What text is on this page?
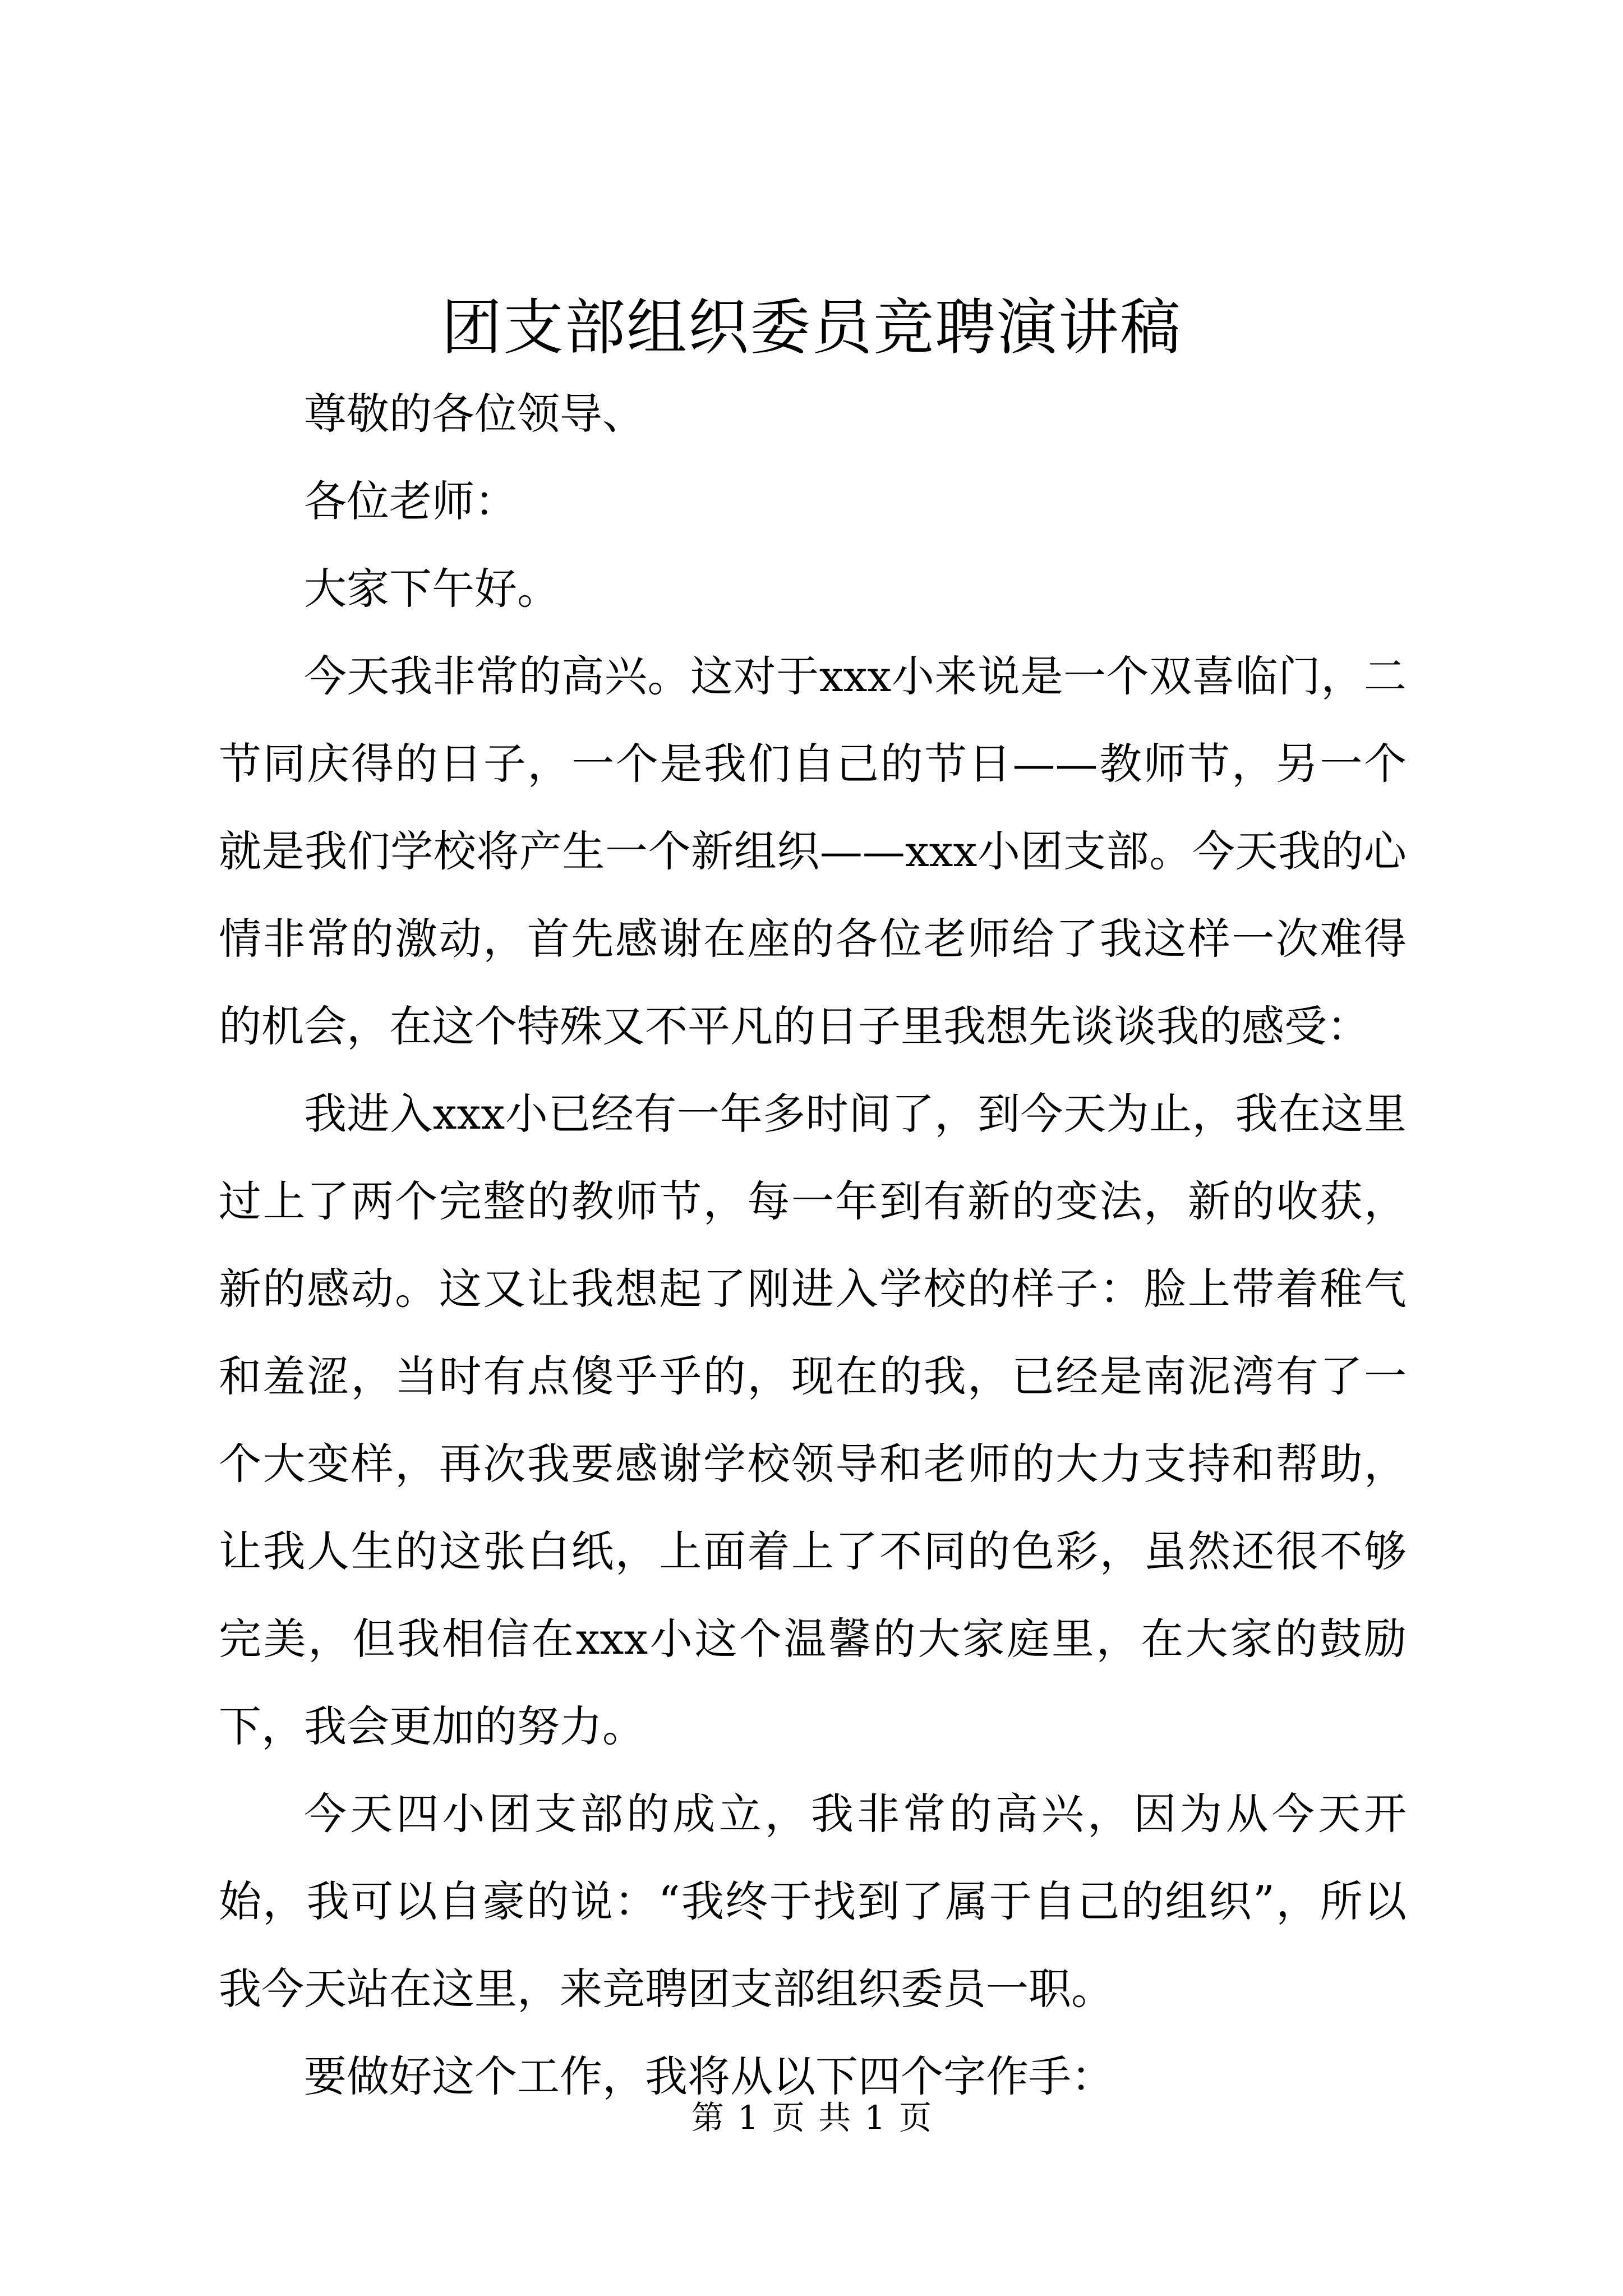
团支部组织委员竞聘演讲稿

尊敬的各位领导、

各位老师：

大家下午好。

今天我非常的高兴。这对于xxx小来说是一个双喜临门，二节同庆得的日子，一个是我们自己的节日——教师节，另一个就是我们学校将产生一个新组织——xxx小团支部。今天我的心情非常的激动，首先感谢在座的各位老师给了我这样一次难得的机会，在这个特殊又不平凡的日子里我想先谈谈我的感受：

我进入xxx小已经有一年多时间了，到今天为止，我在这里过上了两个完整的教师节，每一年到有新的变法，新的收获，新的感动。这又让我想起了刚进入学校的样子：脸上带着稚气和羞涩，当时有点傻乎乎的，现在的我，已经是南泥湾有了一个大变样，再次我要感谢学校领导和老师的大力支持和帮助，让我人生的这张白纸，上面着上了不同的色彩，虽然还很不够完美，但我相信在xxx小这个温馨的大家庭里，在大家的鼓励下，我会更加的努力。

今天四小团支部的成立，我非常的高兴，因为从今天开始，我可以自豪的说：“我终于找到了属于自己的组织”，所以我今天站在这里，来竞聘团支部组织委员一职。

要做好这个工作，我将从以下四个字作手：

第 1 页 共 1 页
